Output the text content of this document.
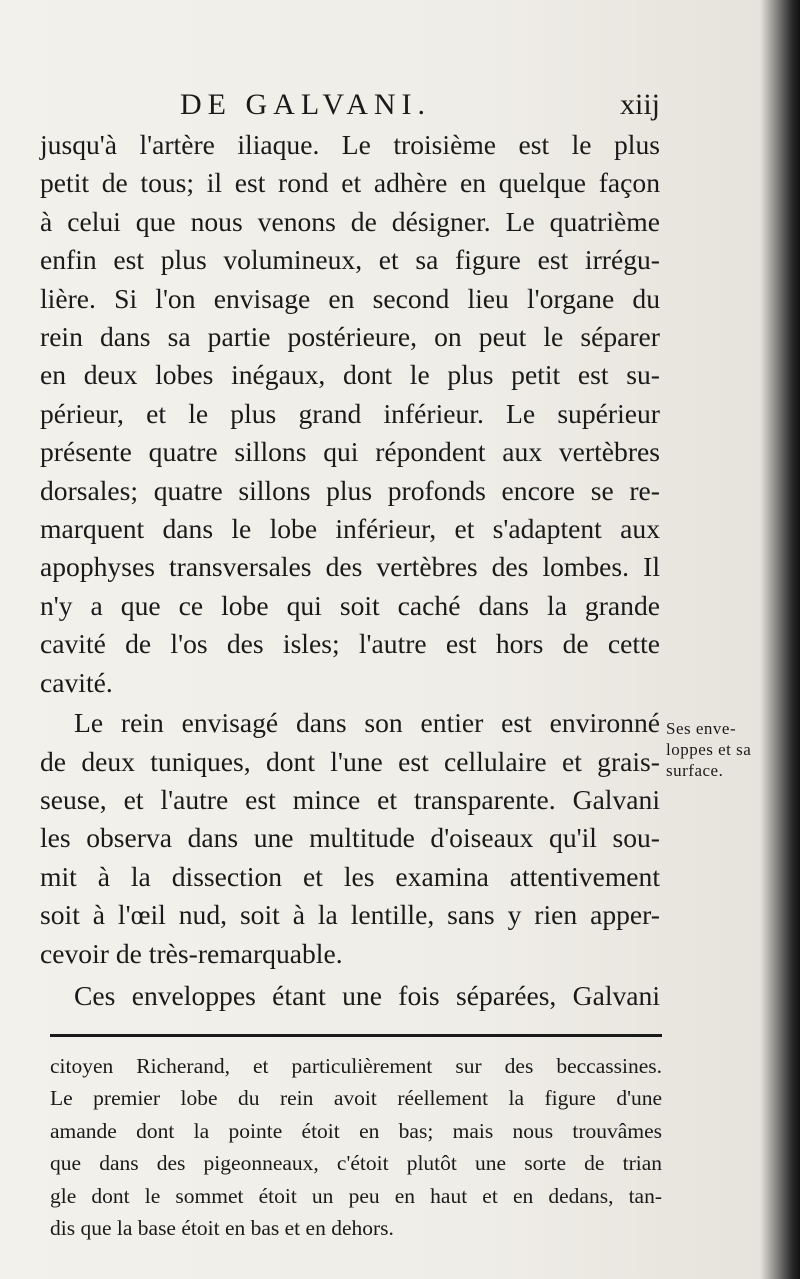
DE GALVANI.	xiij

jusqu'à l'artère iliaque. Le troisième est le plus
petit de tous; il est rond et adhère en quelque façon
à celui que nous venons de désigner. Le quatrième
enfin est plus volumineux, et sa figure est irrégu-
lière. Si l'on envisage en second lieu l'organe du
rein dans sa partie postérieure, on peut le séparer
en deux lobes inégaux, dont le plus petit est su-
périeur, et le plus grand inférieur. Le supérieur
présente quatre sillons qui répondent aux vertèbres
dorsales; quatre sillons plus profonds encore se re-
marquent dans le lobe inférieur, et s'adaptent aux
apophyses transversales des vertèbres des lombes. Il
n'y a que ce lobe qui soit caché dans la grande
cavité de l'os des isles; l'autre est hors de cette
cavité.

Le rein envisagé dans son entier est environné
de deux tuniques, dont l'une est cellulaire et grais-
seuse, et l'autre est mince et transparente. Galvani
les observa dans une multitude d'oiseaux qu'il sou-
mit à la dissection et les examina attentivement
soit à l'œil nud, soit à la lentille, sans y rien apper-
cevoir de très-remarquable.

Ces enveloppes étant une fois séparées, Galvani

Ses enve-
loppes et sa
surface.
citoyen Richerand, et particulièrement sur des beccassines.
Le premier lobe du rein avoit réellement la figure d'une
amande dont la pointe étoit en bas; mais nous trouvâmes
que dans des pigeonneaux, c'étoit plutôt une sorte de trian
gle dont le sommet étoit un peu en haut et en dedans, tan-
dis que la base étoit en bas et en dehors.
